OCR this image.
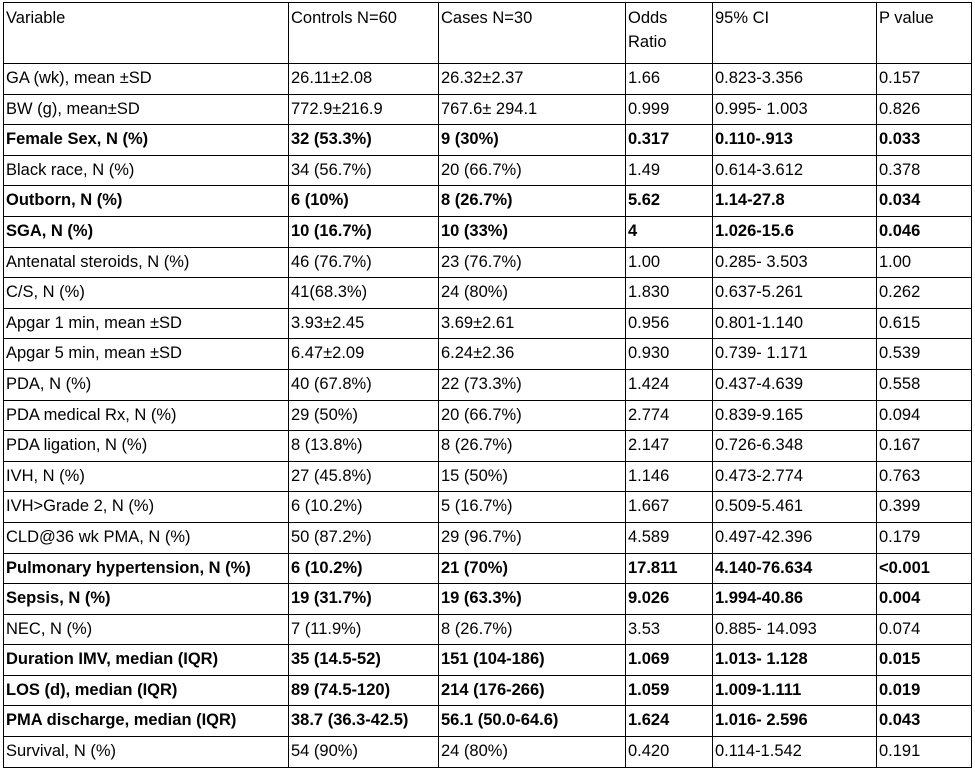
Variable	Controls N=60	Cases N=30	Odds Ratio	95% CI	P value
GA (wk), mean ±SD	26.11±2.08	26.32±2.37	1.66	0.823-3.356	0.157
BW (g), mean±SD	772.9±216.9	767.6± 294.1	0.999	0.995- 1.003	0.826
Female Sex, N (%)	32 (53.3%)	9 (30%)	0.317	0.110-.913	0.033
Black race, N (%)	34 (56.7%)	20 (66.7%)	1.49	0.614-3.612	0.378
Outborn, N (%)	6 (10%)	8 (26.7%)	5.62	1.14-27.8	0.034
SGA, N (%)	10 (16.7%)	10 (33%)	4	1.026-15.6	0.046
Antenatal steroids, N (%)	46 (76.7%)	23 (76.7%)	1.00	0.285- 3.503	1.00
C/S, N (%)	41(68.3%)	24 (80%)	1.830	0.637-5.261	0.262
Apgar 1 min, mean ±SD	3.93±2.45	3.69±2.61	0.956	0.801-1.140	0.615
Apgar 5 min, mean ±SD	6.47±2.09	6.24±2.36	0.930	0.739- 1.171	0.539
PDA, N (%)	40 (67.8%)	22 (73.3%)	1.424	0.437-4.639	0.558
PDA medical Rx, N (%)	29 (50%)	20 (66.7%)	2.774	0.839-9.165	0.094
PDA ligation, N (%)	8 (13.8%)	8 (26.7%)	2.147	0.726-6.348	0.167
IVH, N (%)	27 (45.8%)	15 (50%)	1.146	0.473-2.774	0.763
IVH>Grade 2, N (%)	6 (10.2%)	5 (16.7%)	1.667	0.509-5.461	0.399
CLD@36 wk PMA, N (%)	50 (87.2%)	29 (96.7%)	4.589	0.497-42.396	0.179
Pulmonary hypertension, N (%)	6 (10.2%)	21 (70%)	17.811	4.140-76.634	<0.001
Sepsis, N (%)	19 (31.7%)	19 (63.3%)	9.026	1.994-40.86	0.004
NEC, N (%)	7 (11.9%)	8 (26.7%)	3.53	0.885- 14.093	0.074
Duration IMV, median (IQR)	35 (14.5-52)	151 (104-186)	1.069	1.013- 1.128	0.015
LOS (d), median (IQR)	89 (74.5-120)	214 (176-266)	1.059	1.009-1.111	0.019
PMA discharge, median (IQR)	38.7 (36.3-42.5)	56.1 (50.0-64.6)	1.624	1.016- 2.596	0.043
Survival, N (%)	54 (90%)	24 (80%)	0.420	0.114-1.542	0.191
